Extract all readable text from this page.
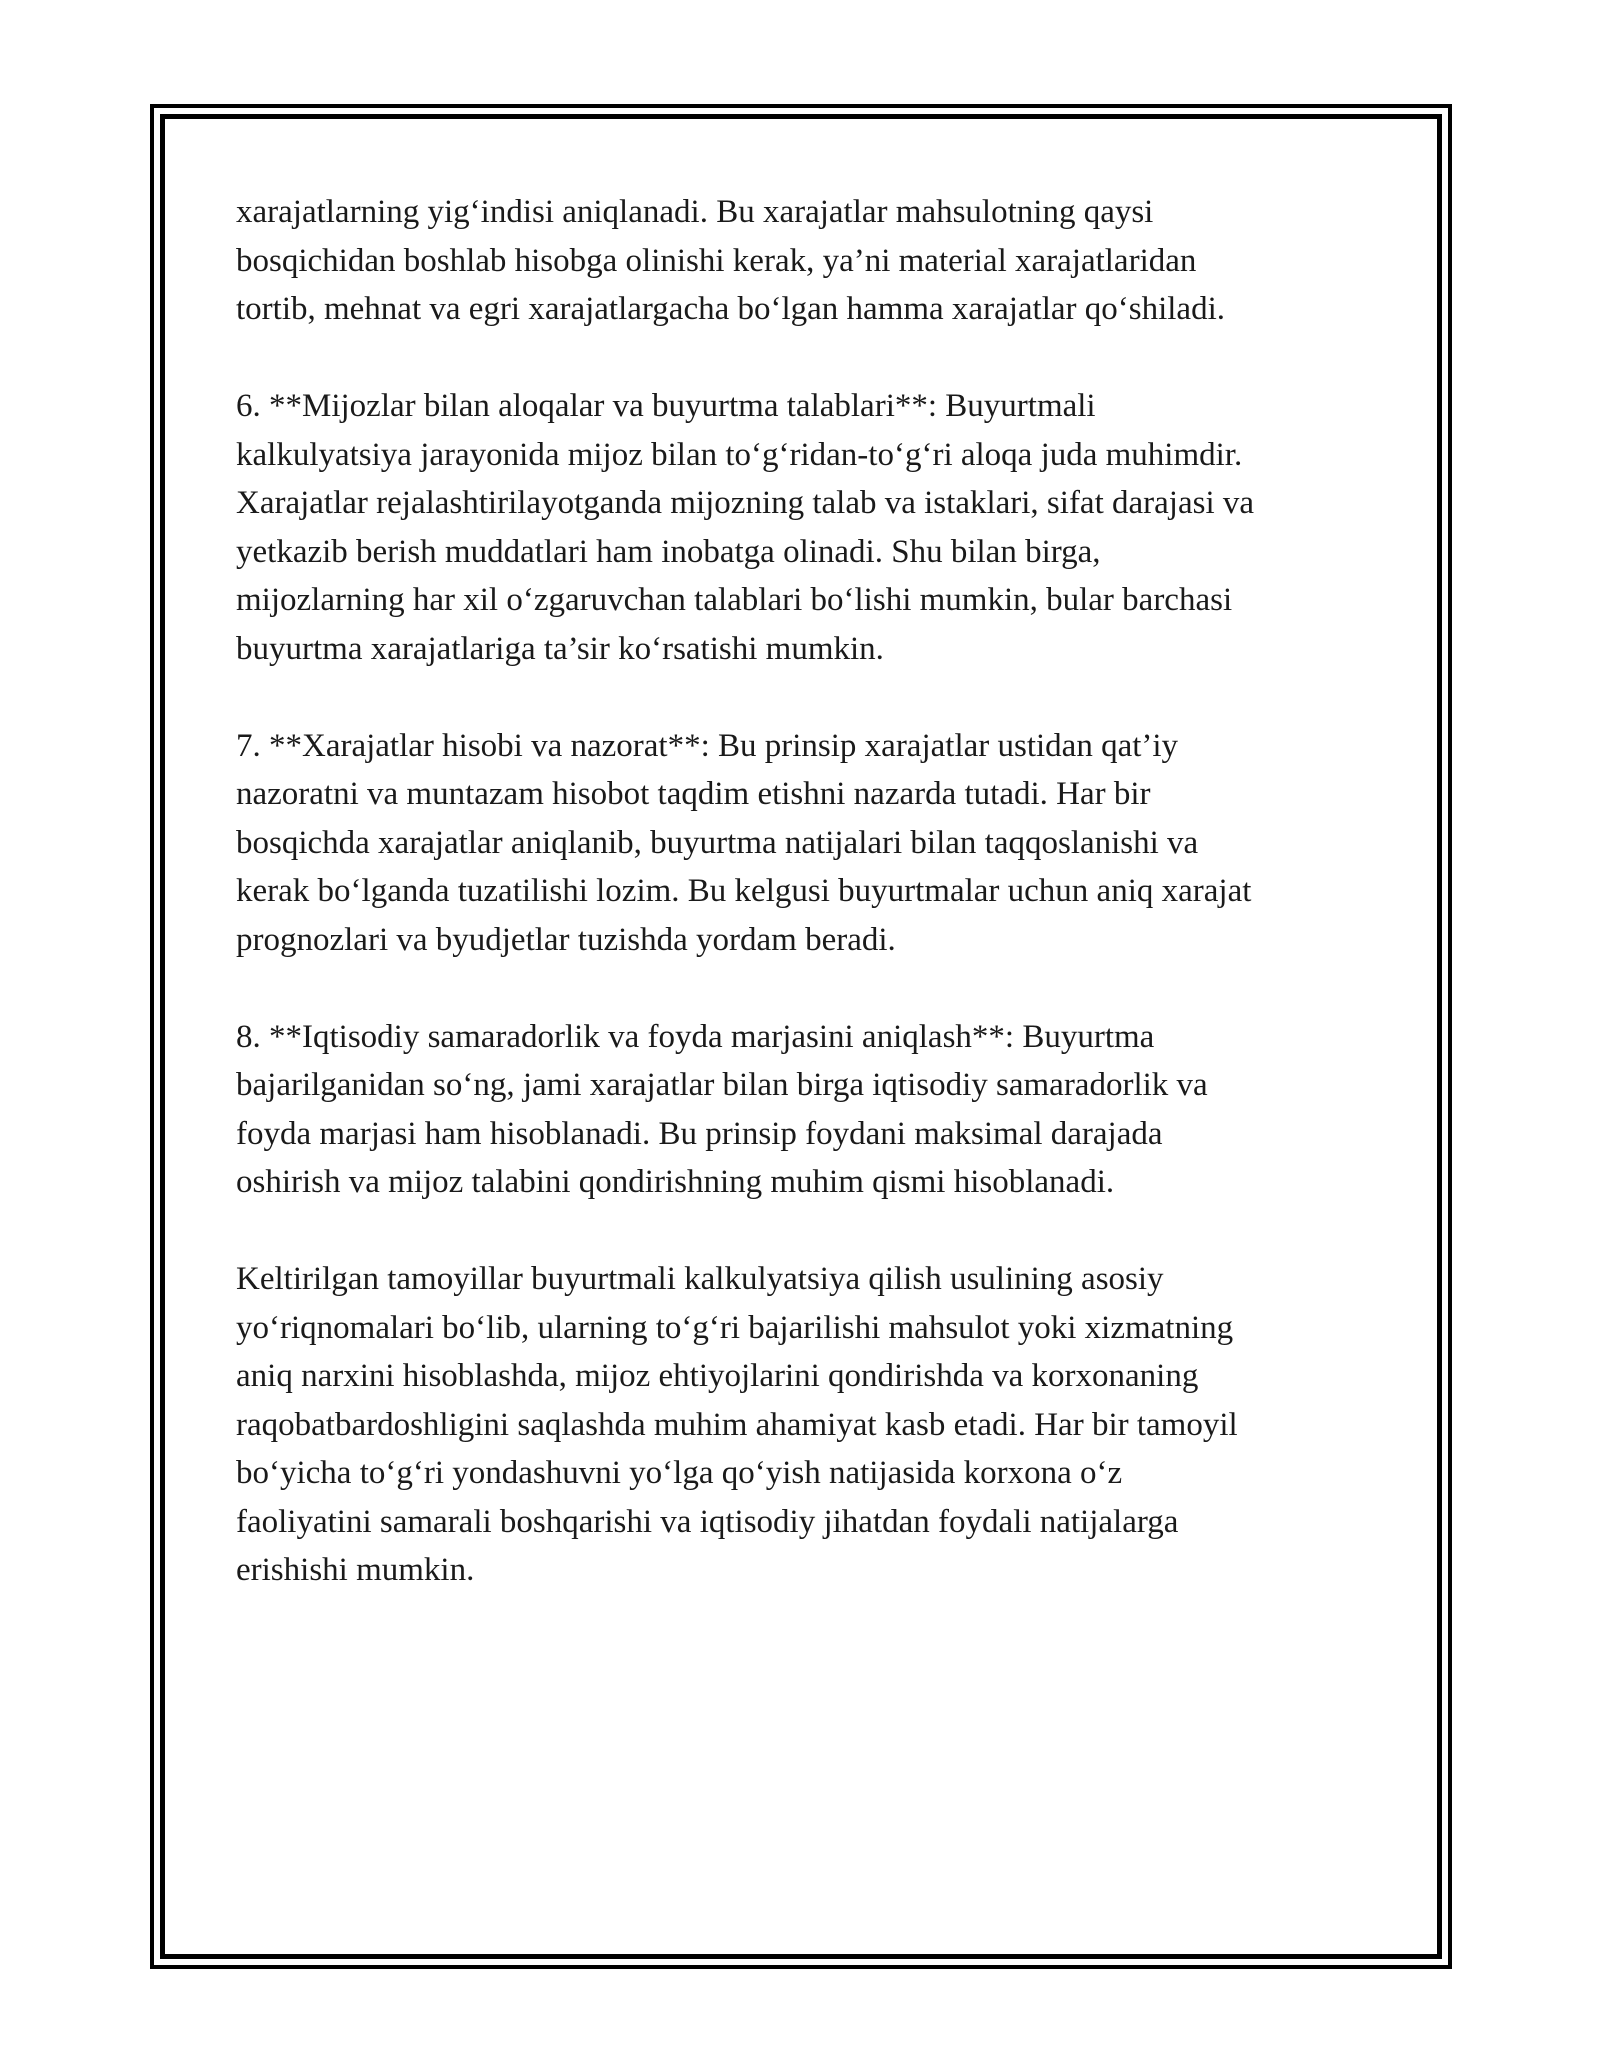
xarajatlarning yig‘indisi aniqlanadi. Bu xarajatlar mahsulotning qaysi
bosqichidan boshlab hisobga olinishi kerak, ya’ni material xarajatlaridan
tortib, mehnat va egri xarajatlargacha bo‘lgan hamma xarajatlar qo‘shiladi.

6. **Mijozlar bilan aloqalar va buyurtma talablari**: Buyurtmali
kalkulyatsiya jarayonida mijoz bilan to‘g‘ridan-to‘g‘ri aloqa juda muhimdir.
Xarajatlar rejalashtirilayotganda mijozning talab va istaklari, sifat darajasi va
yetkazib berish muddatlari ham inobatga olinadi. Shu bilan birga,
mijozlarning har xil o‘zgaruvchan talablari bo‘lishi mumkin, bular barchasi
buyurtma xarajatlariga ta’sir ko‘rsatishi mumkin.

7. **Xarajatlar hisobi va nazorat**: Bu prinsip xarajatlar ustidan qat’iy
nazoratni va muntazam hisobot taqdim etishni nazarda tutadi. Har bir
bosqichda xarajatlar aniqlanib, buyurtma natijalari bilan taqqoslanishi va
kerak bo‘lganda tuzatilishi lozim. Bu kelgusi buyurtmalar uchun aniq xarajat
prognozlari va byudjetlar tuzishda yordam beradi.

8. **Iqtisodiy samaradorlik va foyda marjasini aniqlash**: Buyurtma
bajarilganidan so‘ng, jami xarajatlar bilan birga iqtisodiy samaradorlik va
foyda marjasi ham hisoblanadi. Bu prinsip foydani maksimal darajada
oshirish va mijoz talabini qondirishning muhim qismi hisoblanadi.

Keltirilgan tamoyillar buyurtmali kalkulyatsiya qilish usulining asosiy
yo‘riqnomalari bo‘lib, ularning to‘g‘ri bajarilishi mahsulot yoki xizmatning
aniq narxini hisoblashda, mijoz ehtiyojlarini qondirishda va korxonaning
raqobatbardoshligini saqlashda muhim ahamiyat kasb etadi. Har bir tamoyil
bo‘yicha to‘g‘ri yondashuvni yo‘lga qo‘yish natijasida korxona o‘z
faoliyatini samarali boshqarishi va iqtisodiy jihatdan foydali natijalarga
erishishi mumkin.
